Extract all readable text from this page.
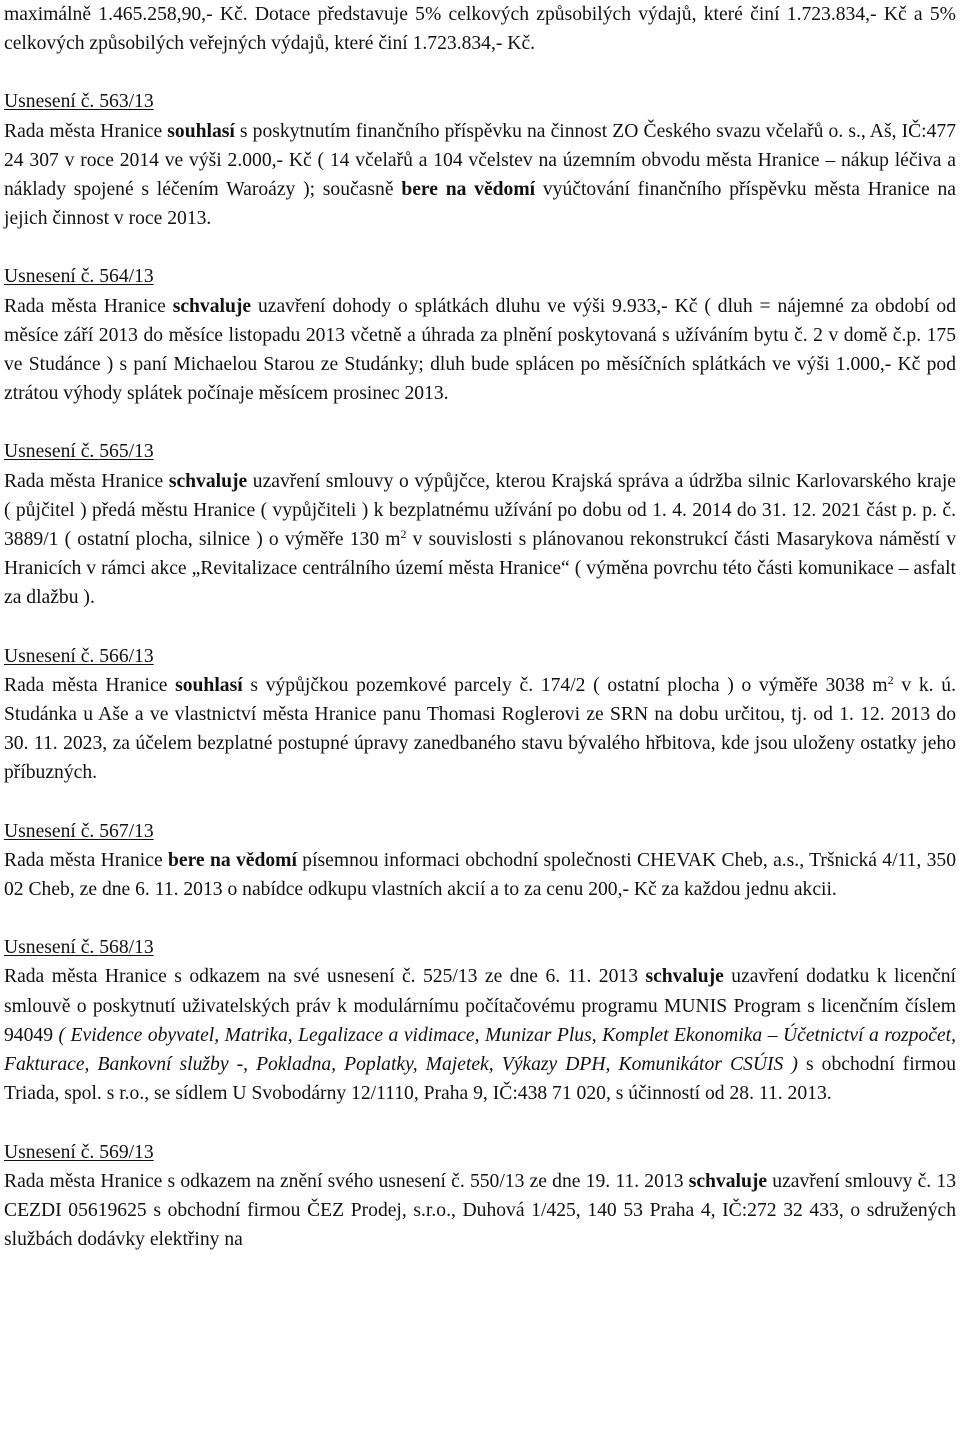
maximálně 1.465.258,90,- Kč. Dotace představuje 5% celkových způsobilých výdajů, které činí 1.723.834,- Kč a 5% celkových způsobilých veřejných výdajů, které činí 1.723.834,- Kč.

Usnesení č. 563/13

Rada města Hranice souhlasí s poskytnutím finančního příspěvku na činnost ZO Českého svazu včelařů o. s., Aš, IČ:477 24 307 v roce 2014 ve výši 2.000,- Kč ( 14 včelařů a 104 včelstev na územním obvodu města Hranice – nákup léčiva a náklady spojené s léčením Waroázy ); současně bere na vědomí vyúčtování finančního příspěvku města Hranice na jejich činnost v roce 2013.

Usnesení č. 564/13

Rada města Hranice schvaluje uzavření dohody o splátkách dluhu ve výši 9.933,- Kč ( dluh = nájemné za období od měsíce září 2013 do měsíce listopadu 2013 včetně a úhrada za plnění poskytovaná s užíváním bytu č. 2 v domě č.p. 175 ve Studánce ) s paní Michaelou Starou ze Studánky; dluh bude splácen po měsíčních splátkách ve výši 1.000,- Kč pod ztrátou výhody splátek počínaje měsícem prosinec 2013.

Usnesení č. 565/13

Rada města Hranice schvaluje uzavření smlouvy o výpůjčce, kterou Krajská správa a údržba silnic Karlovarského kraje ( půjčitel ) předá městu Hranice ( vypůjčiteli ) k bezplatnému užívání po dobu od 1. 4. 2014 do 31. 12. 2021 část p. p. č. 3889/1 ( ostatní plocha, silnice ) o výměře 130 $m^2$ v souvislosti s plánovanou rekonstrukcí části Masarykova náměstí v Hranicích v rámci akce „Revitalizace centrálního území města Hranice“ ( výměna povrchu této části komunikace – asfalt za dlažbu ).

Usnesení č. 566/13

Rada města Hranice souhlasí s výpůjčkou pozemkové parcely č. 174/2 ( ostatní plocha ) o výměře 3038 $m^2$ v k. ú. Studánka u Aše a ve vlastnictví města Hranice panu Thomasi Roglerovi ze SRN na dobu určitou, tj. od 1. 12. 2013 do 30. 11. 2023, za účelem bezplatné postupné úpravy zanedbaného stavu bývalého hřbitova, kde jsou uloženy ostatky jeho příbuzných.

Usnesení č. 567/13

Rada města Hranice bere na vědomí písemnou informaci obchodní společnosti CHEVAK Cheb, a.s., Tršnická 4/11, 350 02 Cheb, ze dne 6. 11. 2013 o nabídce odkupu vlastních akcií a to za cenu 200,- Kč za každou jednu akcii.

Usnesení č. 568/13

Rada města Hranice s odkazem na své usnesení č. 525/13 ze dne 6. 11. 2013 schvaluje uzavření dodatku k licenční smlouvě o poskytnutí uživatelských práv k modulárnímu počítačovému programu MUNIS Program s licenčním číslem 94049 ( Evidence obyvatel, Matrika, Legalizace a vidimace, Munizar Plus, Komplet Ekonomika – Účetnictví a rozpočet, Fakturace, Bankovní služby -, Pokladna, Poplatky, Majetek, Výkazy DPH, Komunikátor CSÚIS ) s obchodní firmou Triada, spol. s r.o., se sídlem U Svobodárny 12/1110, Praha 9, IČ:438 71 020, s účinností od 28. 11. 2013.

Usnesení č. 569/13

Rada města Hranice s odkazem na znění svého usnesení č. 550/13 ze dne 19. 11. 2013 schvaluje uzavření smlouvy č. 13 CEZDI 05619625 s obchodní firmou ČEZ Prodej, s.r.o., Duhová 1/425, 140 53 Praha 4, IČ:272 32 433, o sdružených službách dodávky elektřiny na
